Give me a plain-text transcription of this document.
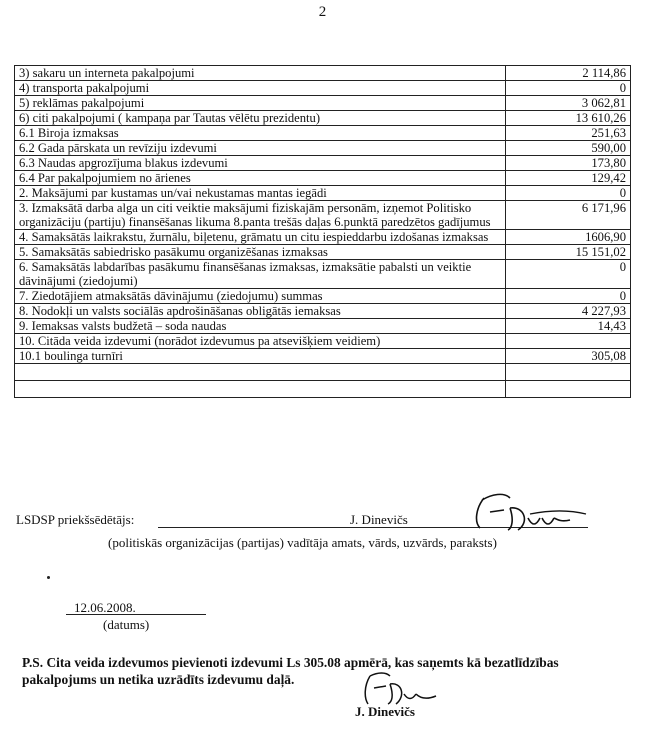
2
3) sakaru un interneta pakalpojumi	2 114,86
4) transporta pakalpojumi	0
5) reklāmas pakalpojumi	3 062,81
6) citi pakalpojumi ( kampaņa par Tautas vēlētu prezidentu)	13 610,26
6.1 Biroja izmaksas	251,63
6.2 Gada pārskata un revīziju izdevumi	590,00
6.3 Naudas apgrozījuma blakus izdevumi	173,80
6.4 Par pakalpojumiem no ārienes	129,42
2. Maksājumi par kustamas un/vai nekustamas mantas iegādi	0
3. Izmaksātā darba alga un citi veiktie maksājumi fiziskajām personām, izņemot Politisko organizāciju (partiju) finansēšanas likuma 8.panta trešās daļas 6.punktā paredzētos gadījumus	6 171,96
4. Samaksātās laikrakstu, žurnālu, biļetenu, grāmatu un citu iespieddarbu izdošanas izmaksas	1606,90
5. Samaksātās sabiedrisko pasākumu organizēšanas izmaksas	15 151,02
6. Samaksātās labdarības pasākumu finansēšanas izmaksas, izmaksātie pabalsti un veiktie dāvinājumi (ziedojumi)	0
7. Ziedotājiem atmaksātās dāvinājumu (ziedojumu) summas	0
8. Nodokļi un valsts sociālās apdrošināšanas obligātās iemaksas	4 227,93
9. Iemaksas valsts budžetā – soda naudas	14,43
10. Citāda veida izdevumi (norādot izdevumus pa atsevišķiem veidiem)	
10.1 boulinga turnīri	305,08

LSDSP priekšsēdētājs:	J. Dinevičs
(politiskās organizācijas (partijas) vadītāja amats, vārds, uzvārds, paraksts)
12.06.2008.
(datums)
P.S. Cita veida izdevumos pievienoti izdevumi Ls 305.08 apmērā, kas saņemts kā bezatlīdzības pakalpojums un netika uzrādīts izdevumu daļā.
J. Dinevičs
